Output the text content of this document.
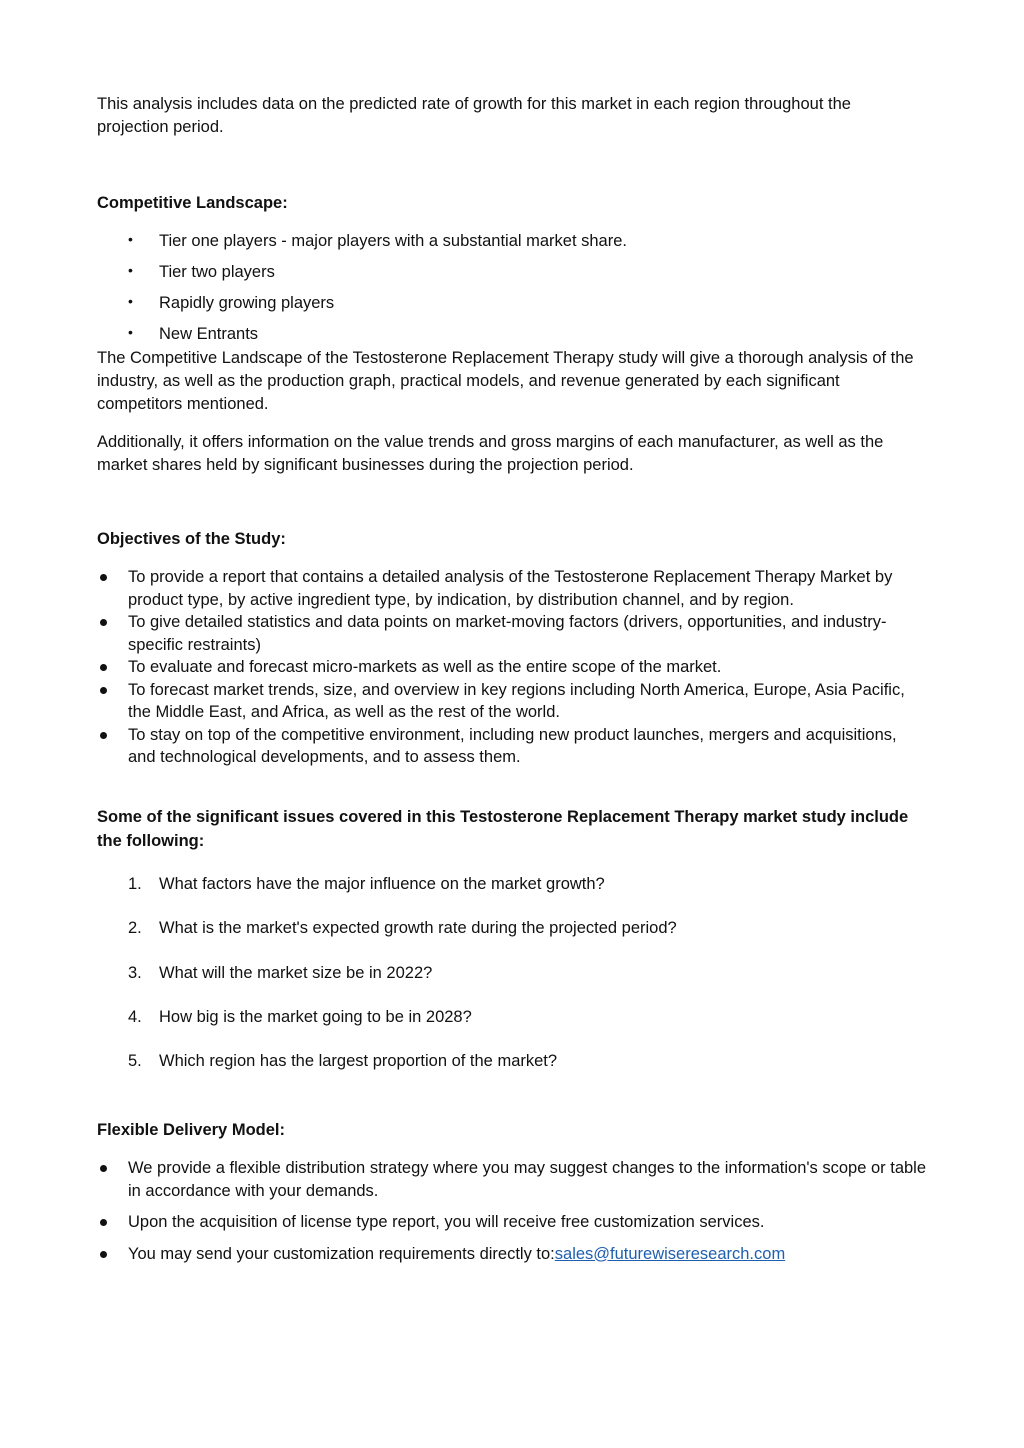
This analysis includes data on the predicted rate of growth for this market in each region throughout the projection period.

Competitive Landscape:

• Tier one players - major players with a substantial market share.
• Tier two players
• Rapidly growing players
• New Entrants

The Competitive Landscape of the Testosterone Replacement Therapy study will give a thorough analysis of the industry, as well as the production graph, practical models, and revenue generated by each significant competitors mentioned.

Additionally, it offers information on the value trends and gross margins of each manufacturer, as well as the market shares held by significant businesses during the projection period.

Objectives of the Study:

To provide a report that contains a detailed analysis of the Testosterone Replacement Therapy Market by product type, by active ingredient type, by indication, by distribution channel, and by region.
To give detailed statistics and data points on market-moving factors (drivers, opportunities, and industry-specific restraints)
To evaluate and forecast micro-markets as well as the entire scope of the market.
To forecast market trends, size, and overview in key regions including North America, Europe, Asia Pacific, the Middle East, and Africa, as well as the rest of the world.
To stay on top of the competitive environment, including new product launches, mergers and acquisitions, and technological developments, and to assess them.

Some of the significant issues covered in this Testosterone Replacement Therapy market study include the following:

1. What factors have the major influence on the market growth?
2. What is the market's expected growth rate during the projected period?
3. What will the market size be in 2022?
4. How big is the market going to be in 2028?
5. Which region has the largest proportion of the market?

Flexible Delivery Model:

We provide a flexible distribution strategy where you may suggest changes to the information's scope or table in accordance with your demands.
Upon the acquisition of license type report, you will receive free customization services.
You may send your customization requirements directly to:sales@futurewiseresearch.com
